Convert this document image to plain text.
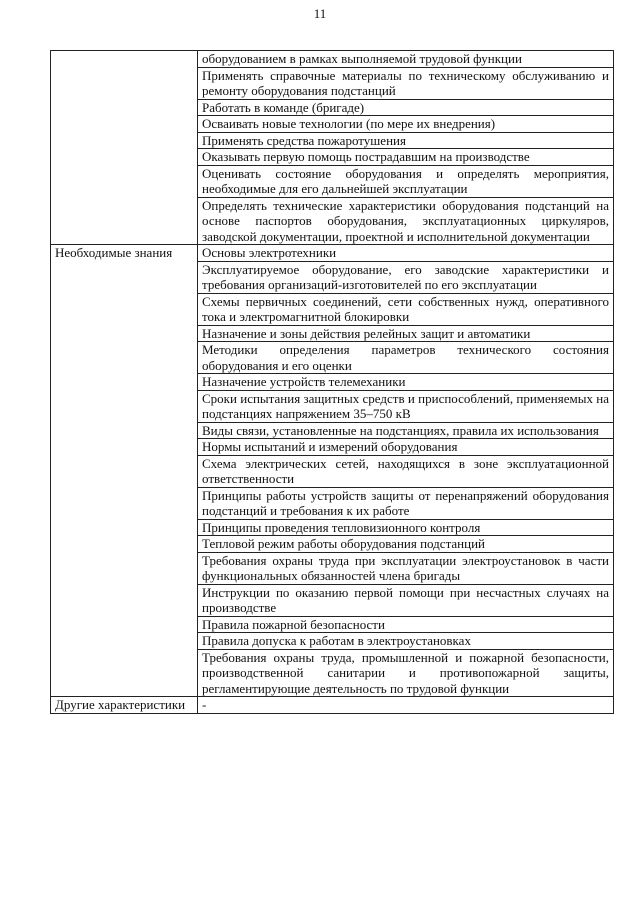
11
	оборудованием в рамках выполняемой трудовой функции
	Применять справочные материалы по техническому обслуживанию и ремонту оборудования подстанций
	Работать в команде (бригаде)
	Осваивать новые технологии (по мере их внедрения)
	Применять средства пожаротушения
	Оказывать первую помощь пострадавшим на производстве
	Оценивать состояние оборудования и определять мероприятия, необходимые для его дальнейшей эксплуатации
	Определять технические характеристики оборудования подстанций на основе паспортов оборудования, эксплуатационных циркуляров, заводской документации, проектной и исполнительной документации
Необходимые знания	Основы электротехники
	Эксплуатируемое оборудование, его заводские характеристики и требования организаций-изготовителей по его эксплуатации
	Схемы первичных соединений, сети собственных нужд, оперативного тока и электромагнитной блокировки
	Назначение и зоны действия релейных защит и автоматики
	Методики определения параметров технического состояния оборудования и его оценки
	Назначение устройств телемеханики
	Сроки испытания защитных средств и приспособлений, применяемых на подстанциях напряжением 35–750 кВ
	Виды связи, установленные на подстанциях, правила их использования
	Нормы испытаний и измерений оборудования
	Схема электрических сетей, находящихся в зоне эксплуатационной ответственности
	Принципы работы устройств защиты от перенапряжений оборудования подстанций и требования к их работе
	Принципы проведения тепловизионного контроля
	Тепловой режим работы оборудования подстанций
	Требования охраны труда при эксплуатации электроустановок в части функциональных обязанностей члена бригады
	Инструкции по оказанию первой помощи при несчастных случаях на производстве
	Правила пожарной безопасности
	Правила допуска к работам в электроустановках
	Требования охраны труда, промышленной и пожарной безопасности, производственной санитарии и противопожарной защиты, регламентирующие деятельность по трудовой функции
Другие характеристики	-
